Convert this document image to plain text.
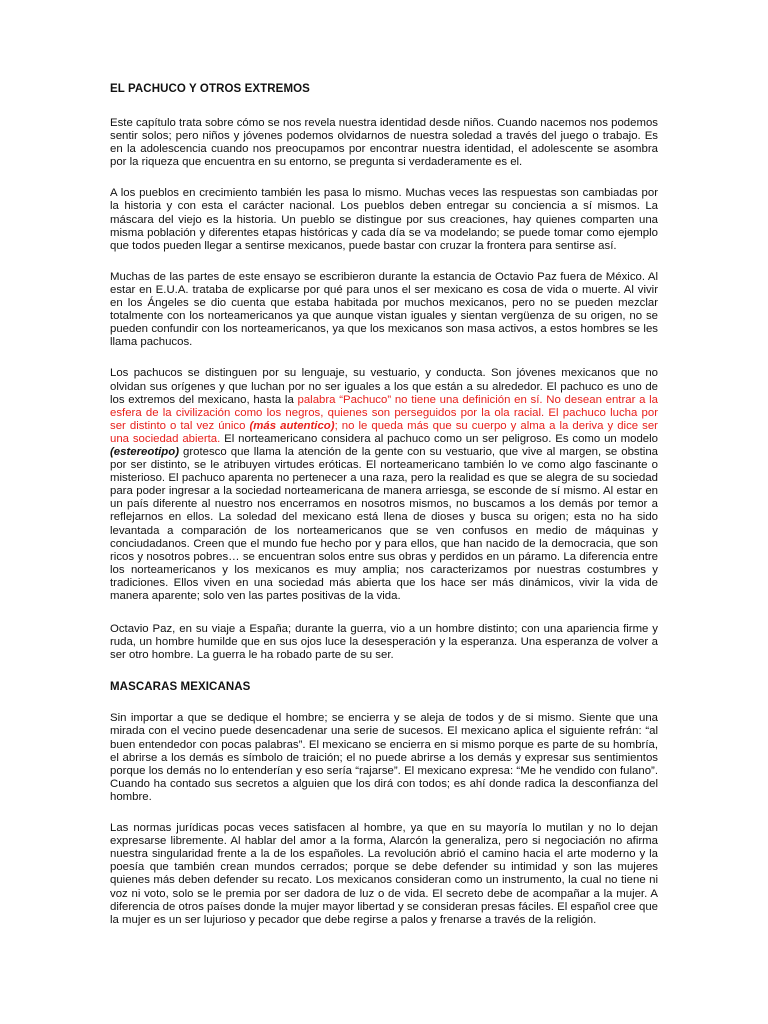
EL PACHUCO Y OTROS EXTREMOS

Este capítulo trata sobre cómo se nos revela nuestra identidad desde niños. Cuando nacemos nos podemos sentir solos; pero niños y jóvenes podemos olvidarnos de nuestra soledad a través del juego o trabajo. Es en la adolescencia cuando nos preocupamos por encontrar nuestra identidad, el adolescente se asombra por la riqueza que encuentra en su entorno, se pregunta si verdaderamente es el.

A los pueblos en crecimiento también les pasa lo mismo. Muchas veces las respuestas son cambiadas por la historia y con esta el carácter nacional. Los pueblos deben entregar su conciencia a sí mismos. La máscara del viejo es la historia. Un pueblo se distingue por sus creaciones, hay quienes comparten una misma población y diferentes etapas históricas y cada día se va modelando; se puede tomar como ejemplo que todos pueden llegar a sentirse mexicanos, puede bastar con cruzar la frontera para sentirse así.

Muchas de las partes de este ensayo se escribieron durante la estancia de Octavio Paz fuera de México. Al estar en E.U.A. trataba de explicarse por qué para unos el ser mexicano es cosa de vida o muerte. Al vivir en los Ángeles se dio cuenta que estaba habitada por muchos mexicanos, pero no se pueden mezclar totalmente con los norteamericanos ya que aunque vistan iguales y sientan vergüenza de su origen, no se pueden confundir con los norteamericanos, ya que los mexicanos son masa activos, a estos hombres se les llama pachucos.

Los pachucos se distinguen por su lenguaje, su vestuario, y conducta. Son jóvenes mexicanos que no olvidan sus orígenes y que luchan por no ser iguales a los que están a su alrededor. El pachuco es uno de los extremos del mexicano, hasta la palabra “Pachuco” no tiene una definición en sí. No desean entrar a la esfera de la civilización como los negros, quienes son perseguidos por la ola racial. El pachuco lucha por ser distinto o tal vez único (más autentico); no le queda más que su cuerpo y alma a la deriva y dice ser una sociedad abierta. El norteamericano considera al pachuco como un ser peligroso. Es como un modelo (estereotipo) grotesco que llama la atención de la gente con su vestuario, que vive al margen, se obstina por ser distinto, se le atribuyen virtudes eróticas. El norteamericano también lo ve como algo fascinante o misterioso. El pachuco aparenta no pertenecer a una raza, pero la realidad es que se alegra de su sociedad para poder ingresar a la sociedad norteamericana de manera arriesga, se esconde de sí mismo. Al estar en un país diferente al nuestro nos encerramos en nosotros mismos, no buscamos a los demás por temor a reflejarnos en ellos. La soledad del mexicano está llena de dioses y busca su origen; esta no ha sido levantada a comparación de los norteamericanos que se ven confusos en medio de máquinas y conciudadanos. Creen que el mundo fue hecho por y para ellos, que han nacido de la democracia, que son ricos y nosotros pobres… se encuentran solos entre sus obras y perdidos en un páramo. La diferencia entre los norteamericanos y los mexicanos es muy amplia; nos caracterizamos por nuestras costumbres y tradiciones. Ellos viven en una sociedad más abierta que los hace ser más dinámicos, vivir la vida de manera aparente; solo ven las partes positivas de la vida.

Octavio Paz, en su viaje a España; durante la guerra, vio a un hombre distinto; con una apariencia firme y ruda, un hombre humilde que en sus ojos luce la desesperación y la esperanza. Una esperanza de volver a ser otro hombre. La guerra le ha robado parte de su ser.

MASCARAS MEXICANAS

Sin importar a que se dedique el hombre; se encierra y se aleja de todos y de si mismo. Siente que una mirada con el vecino puede desencadenar una serie de sucesos. El mexicano aplica el siguiente refrán: “al buen entendedor con pocas palabras”. El mexicano se encierra en si mismo porque es parte de su hombría, el abrirse a los demás es símbolo de traición; el no puede abrirse a los demás y expresar sus sentimientos porque los demás no lo entenderían y eso sería “rajarse”. El mexicano expresa: “Me he vendido con fulano”. Cuando ha contado sus secretos a alguien que los dirá con todos; es ahí donde radica la desconfianza del hombre.

Las normas jurídicas pocas veces satisfacen al hombre, ya que en su mayoría lo mutilan y no lo dejan expresarse libremente. Al hablar del amor a la forma, Alarcón la generaliza, pero si negociación no afirma nuestra singularidad frente a la de los españoles. La revolución abrió el camino hacia el arte moderno y la poesía que también crean mundos cerrados; porque se debe defender su intimidad y son las mujeres quienes más deben defender su recato. Los mexicanos consideran como un instrumento, la cual no tiene ni voz ni voto, solo se le premia por ser dadora de luz o de vida. El secreto debe de acompañar a la mujer. A diferencia de otros países donde la mujer mayor libertad y se consideran presas fáciles. El español cree que la mujer es un ser lujurioso y pecador que debe regirse a palos y frenarse a través de la religión.
